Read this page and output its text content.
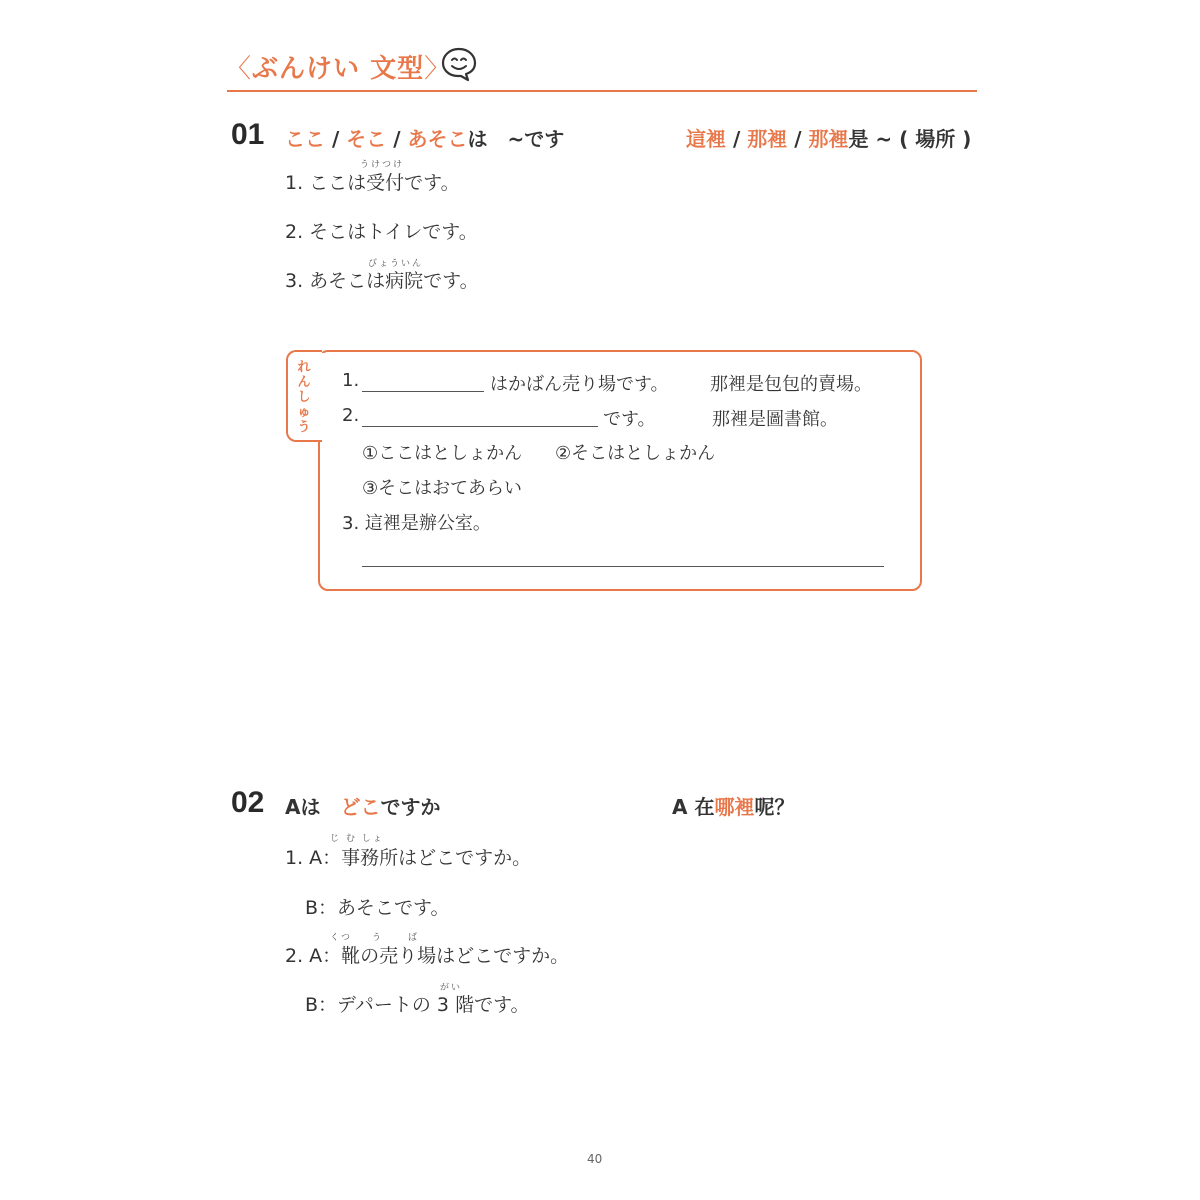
〈ぶんけい 文型〉
01 ここ / そこ / あそこは　~です	這裡 / 那裡 / 那裡是 ~ ( 場所 )
うけつけ
1. ここは受付です。
2. そこはトイレです。
びょういん
3. あそこは病院です。
れんしゅう
1.	はかばん売り場です。 那裡是包包的賣場。
2.	です。	那裡是圖書館。
①ここはとしょかん ②そこはとしょかん
③そこはおてあらい
3. 這裡是辦公室。
02 Aは　どこですか	A 在哪裡呢？
じ む しょ
1. A：事務所はどこですか。
B：あそこです。
くつ う	ば
2. A：靴の売り場はどこですか。
がい
B：デパートの 3 階です。
40
